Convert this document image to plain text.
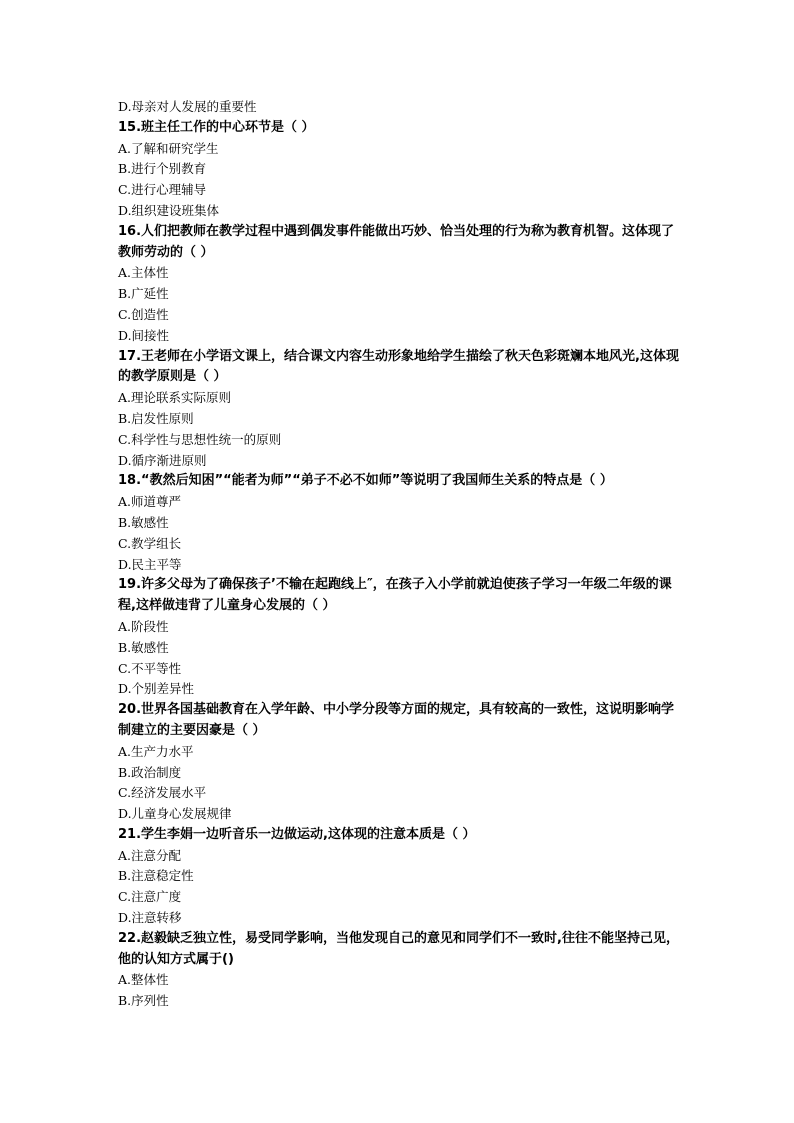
D.母亲对人发展的重要性
15.班主任工作的中心环节是（ ）
A.了解和研究学生
B.进行个别教育
C.进行心理辅导
D.组织建设班集体
16.人们把教师在教学过程中遇到偶发事件能做出巧妙、恰当处理的行为称为教育机智。这体现了教师劳动的（ ）
A.主体性
B.广延性
C.创造性
D.间接性
17.王老师在小学语文课上，结合课文内容生动形象地给学生描绘了秋天色彩斑斓本地风光,这体现的教学原则是（ ）
A.理论联系实际原则
B.启发性原则
C.科学性与思想性统一的原则
D.循序渐进原则
18.“教然后知困”“能者为师”“弟子不必不如师”等说明了我国师生关系的特点是（ ）
A.师道尊严
B.敏感性
C.教学组长
D.民主平等
19.许多父母为了确保孩子’不输在起跑线上″，在孩子入小学前就迫使孩子学习一年级二年级的课程,这样做违背了儿童身心发展的（ ）
A.阶段性
B.敏感性
C.不平等性
D.个别差异性
20.世界各国基础教育在入学年龄、中小学分段等方面的规定，具有较高的一致性，这说明影响学制建立的主要因豪是（ ）
A.生产力水平
B.政治制度
C.经济发展水平
D.儿童身心发展规律
21.学生李娟一边听音乐一边做运动,这体现的注意本质是（ ）
A.注意分配
B.注意稳定性
C.注意广度
D.注意转移
22.赵毅缺乏独立性，易受同学影响，当他发现自己的意见和同学们不一致时,往往不能坚持己见，他的认知方式属于()
A.整体性
B.序列性
